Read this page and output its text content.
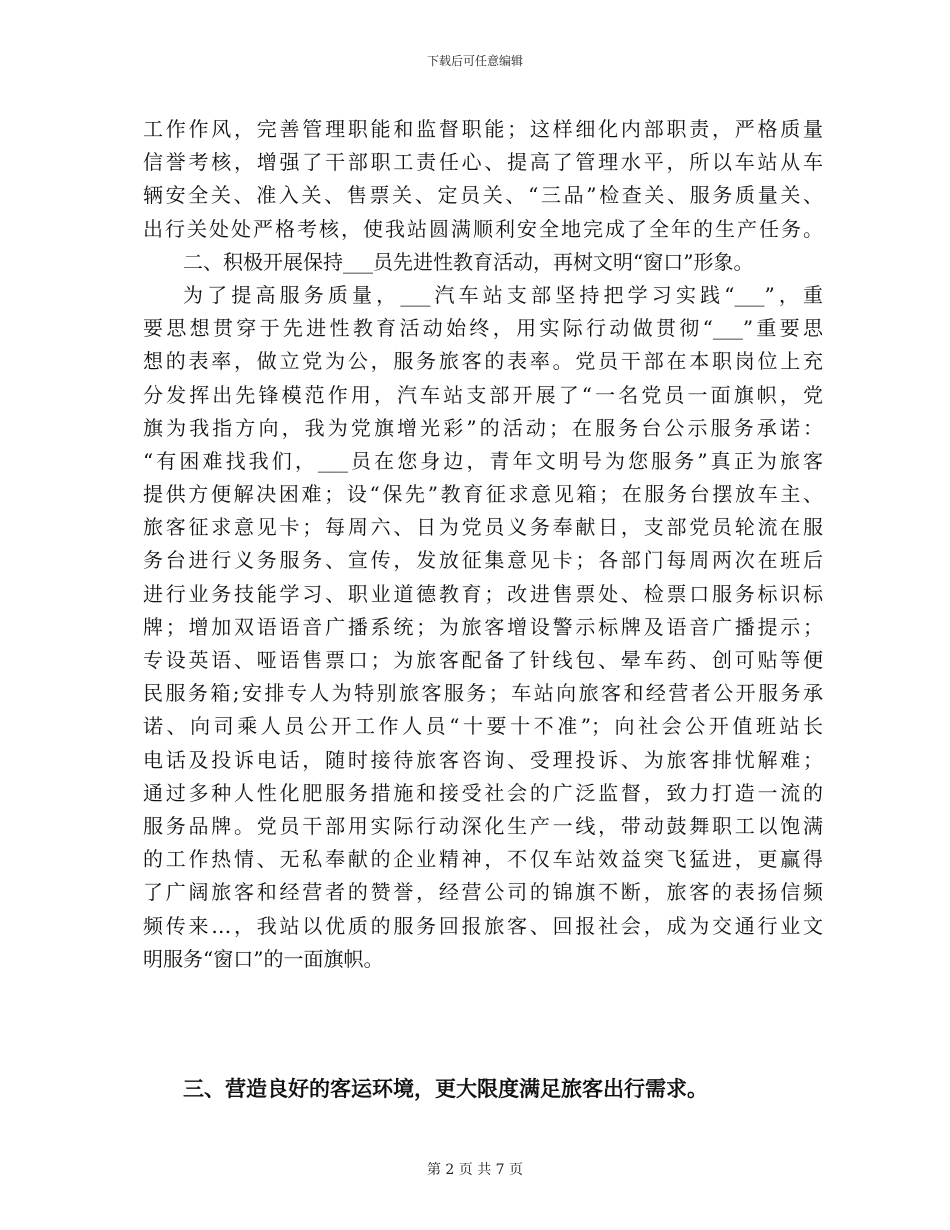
下载后可任意编辑
工作作风，完善管理职能和监督职能；这样细化内部职责，严格质量
信誉考核，增强了干部职工责任心、提高了管理水平，所以车站从车
辆安全关、准入关、售票关、定员关、“三品”检查关、服务质量关、
出行关处处严格考核，使我站圆满顺利安全地完成了全年的生产任务。
二、积极开展保持___员先进性教育活动，再树文明“窗口”形象。
为了提高服务质量，___汽车站支部坚持把学习实践“___”，重
要思想贯穿于先进性教育活动始终，用实际行动做贯彻“___”重要思
想的表率，做立党为公，服务旅客的表率。党员干部在本职岗位上充
分发挥出先锋模范作用，汽车站支部开展了“一名党员一面旗帜，党
旗为我指方向，我为党旗增光彩”的活动；在服务台公示服务承诺：
“有困难找我们，___员在您身边，青年文明号为您服务”真正为旅客
提供方便解决困难；设“保先”教育征求意见箱；在服务台摆放车主、
旅客征求意见卡；每周六、日为党员义务奉献日，支部党员轮流在服
务台进行义务服务、宣传，发放征集意见卡；各部门每周两次在班后
进行业务技能学习、职业道德教育；改进售票处、检票口服务标识标
牌；增加双语语音广播系统；为旅客增设警示标牌及语音广播提示；
专设英语、哑语售票口；为旅客配备了针线包、晕车药、创可贴等便
民服务箱;安排专人为特别旅客服务；车站向旅客和经营者公开服务承
诺、向司乘人员公开工作人员“十要十不准”；向社会公开值班站长
电话及投诉电话，随时接待旅客咨询、受理投诉、为旅客排忧解难；
通过多种人性化肥服务措施和接受社会的广泛监督，致力打造一流的
服务品牌。党员干部用实际行动深化生产一线，带动鼓舞职工以饱满
的工作热情、无私奉献的企业精神，不仅车站效益突飞猛进，更赢得
了广阔旅客和经营者的赞誉，经营公司的锦旗不断，旅客的表扬信频
频传来…，我站以优质的服务回报旅客、回报社会，成为交通行业文
明服务“窗口”的一面旗帜。
三、营造良好的客运环境，更大限度满足旅客出行需求。
第 2 页 共 7 页
